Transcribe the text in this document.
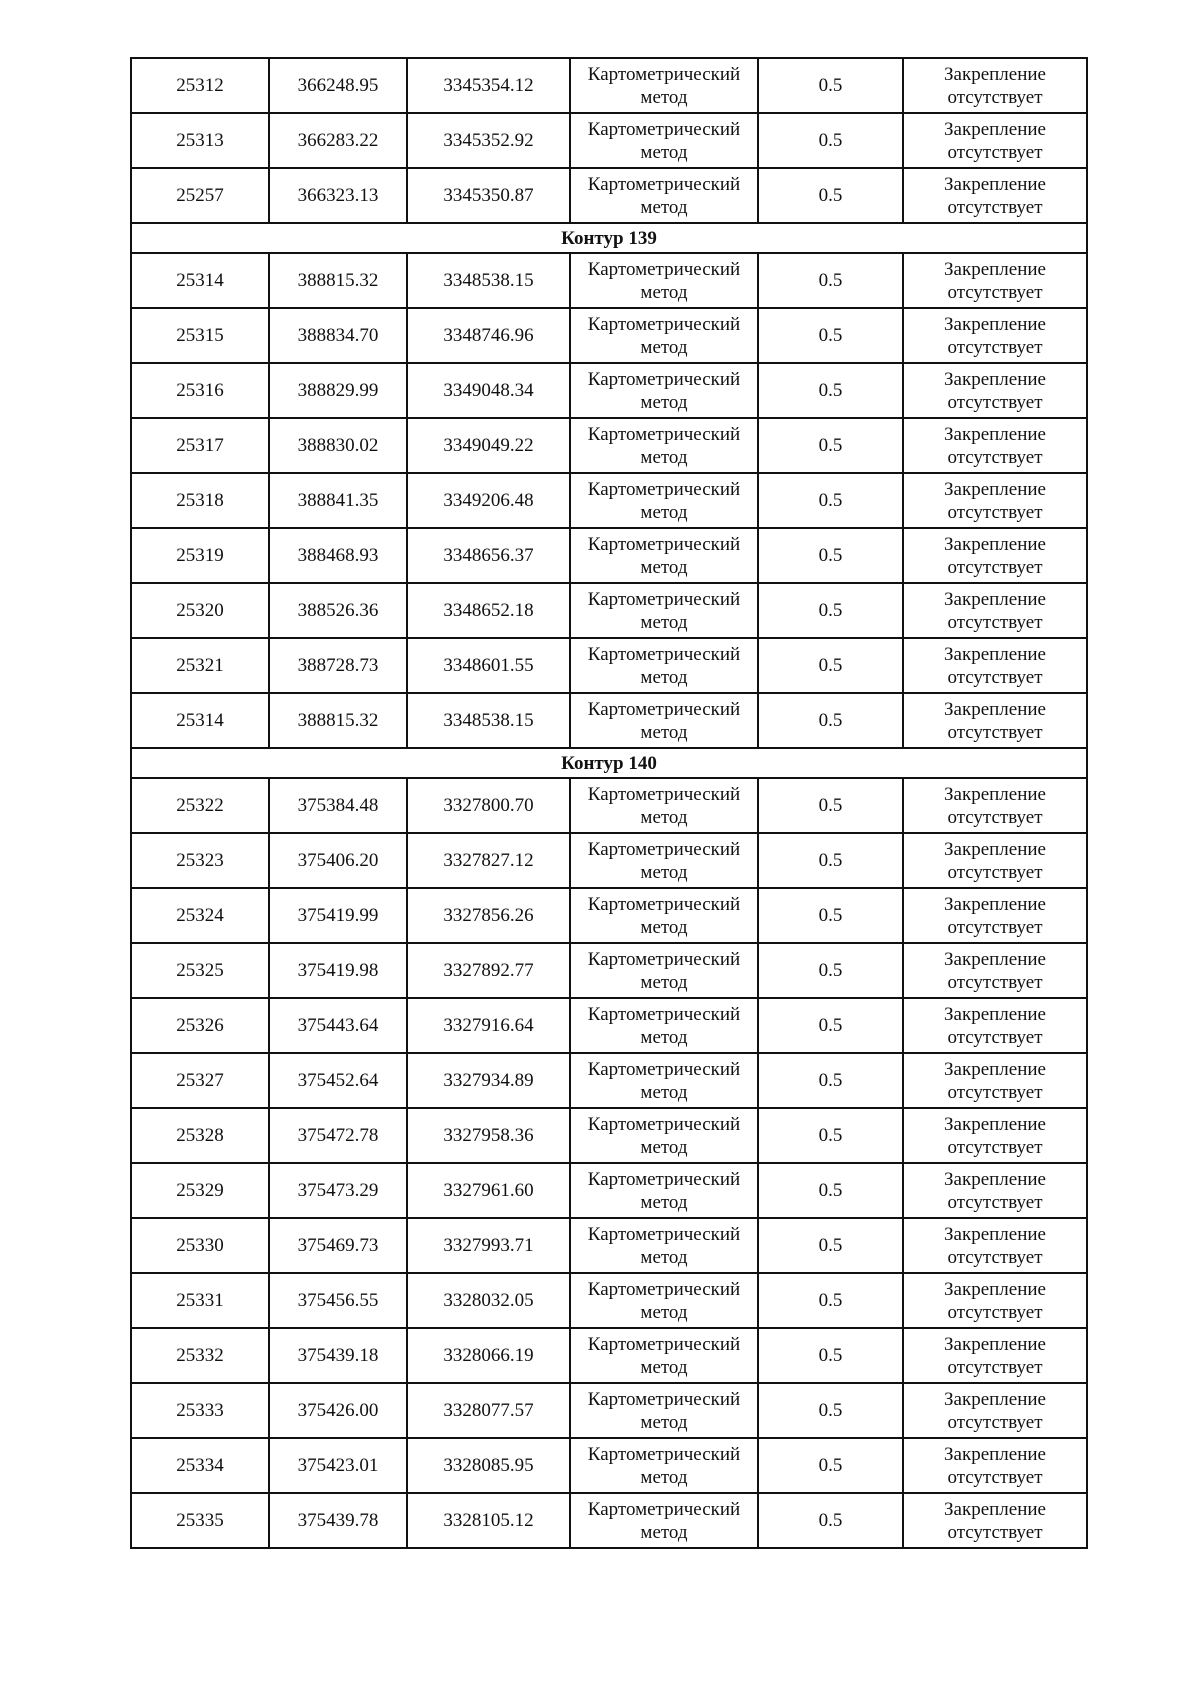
25312	366248.95	3345354.12	Картометрический метод	0.5	Закрепление отсутствует
25313	366283.22	3345352.92	Картометрический метод	0.5	Закрепление отсутствует
25257	366323.13	3345350.87	Картометрический метод	0.5	Закрепление отсутствует
Контур 139					
25314	388815.32	3348538.15	Картометрический метод	0.5	Закрепление отсутствует
25315	388834.70	3348746.96	Картометрический метод	0.5	Закрепление отсутствует
25316	388829.99	3349048.34	Картометрический метод	0.5	Закрепление отсутствует
25317	388830.02	3349049.22	Картометрический метод	0.5	Закрепление отсутствует
25318	388841.35	3349206.48	Картометрический метод	0.5	Закрепление отсутствует
25319	388468.93	3348656.37	Картометрический метод	0.5	Закрепление отсутствует
25320	388526.36	3348652.18	Картометрический метод	0.5	Закрепление отсутствует
25321	388728.73	3348601.55	Картометрический метод	0.5	Закрепление отсутствует
25314	388815.32	3348538.15	Картометрический метод	0.5	Закрепление отсутствует
Контур 140					
25322	375384.48	3327800.70	Картометрический метод	0.5	Закрепление отсутствует
25323	375406.20	3327827.12	Картометрический метод	0.5	Закрепление отсутствует
25324	375419.99	3327856.26	Картометрический метод	0.5	Закрепление отсутствует
25325	375419.98	3327892.77	Картометрический метод	0.5	Закрепление отсутствует
25326	375443.64	3327916.64	Картометрический метод	0.5	Закрепление отсутствует
25327	375452.64	3327934.89	Картометрический метод	0.5	Закрепление отсутствует
25328	375472.78	3327958.36	Картометрический метод	0.5	Закрепление отсутствует
25329	375473.29	3327961.60	Картометрический метод	0.5	Закрепление отсутствует
25330	375469.73	3327993.71	Картометрический метод	0.5	Закрепление отсутствует
25331	375456.55	3328032.05	Картометрический метод	0.5	Закрепление отсутствует
25332	375439.18	3328066.19	Картометрический метод	0.5	Закрепление отсутствует
25333	375426.00	3328077.57	Картометрический метод	0.5	Закрепление отсутствует
25334	375423.01	3328085.95	Картометрический метод	0.5	Закрепление отсутствует
25335	375439.78	3328105.12	Картометрический метод	0.5	Закрепление отсутствует
